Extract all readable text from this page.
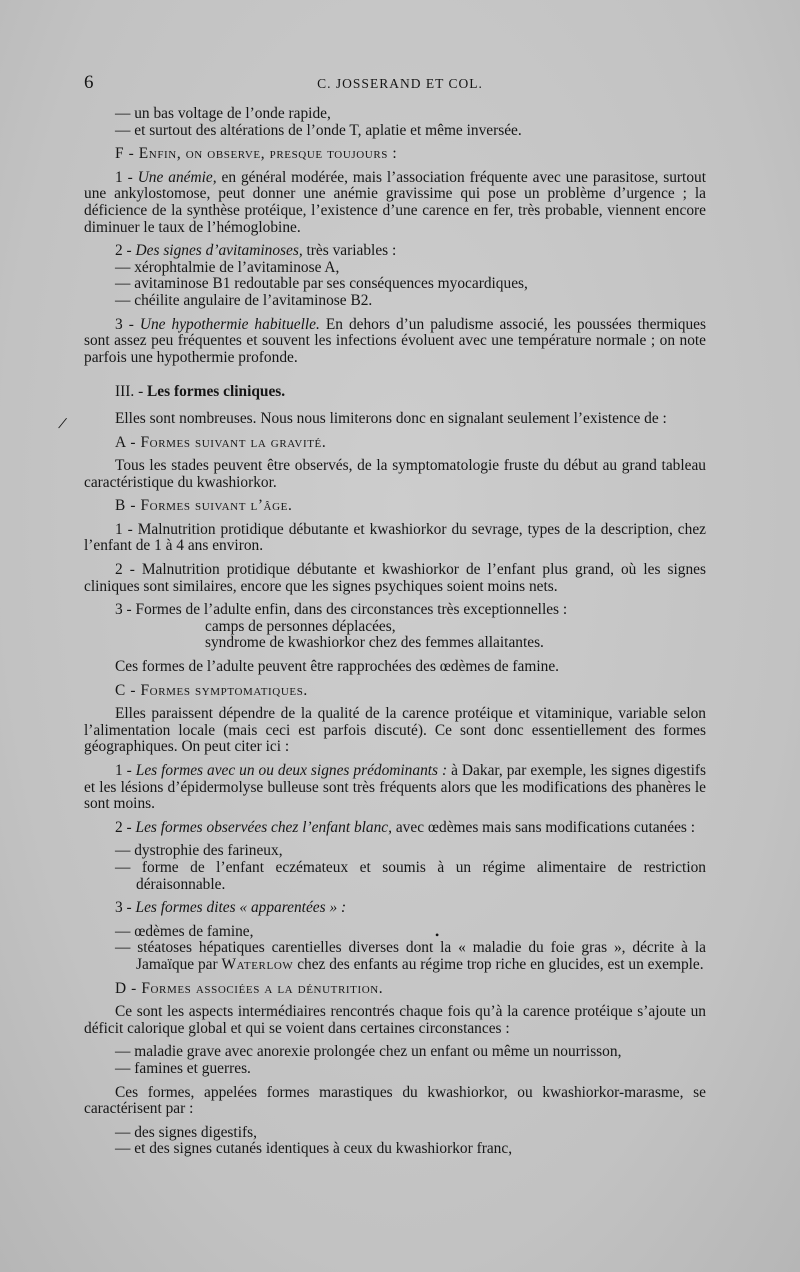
6	C. JOSSERAND ET COL.

— un bas voltage de l’onde rapide,

— et surtout des altérations de l’onde T, aplatie et même inversée.

F - Enfin, on observe, presque toujours :

1 - Une anémie, en général modérée, mais l’association fréquente avec une parasitose, surtout une ankylostomose, peut donner une anémie gravissime qui pose un problème d’urgence ; la déficience de la synthèse protéique, l’existence d’une carence en fer, très probable, viennent encore diminuer le taux de l’hémoglobine.

2 - Des signes d’avitaminoses, très variables :

— xérophtalmie de l’avitaminose A,

— avitaminose B1 redoutable par ses conséquences myocardiques,

— chéilite angulaire de l’avitaminose B2.

3 - Une hypothermie habituelle. En dehors d’un paludisme associé, les poussées thermiques sont assez peu fréquentes et souvent les infections évoluent avec une température normale ; on note parfois une hypothermie profonde.

III. - Les formes cliniques.

Elles sont nombreuses. Nous nous limiterons donc en signalant seulement l’existence de :

A - Formes suivant la gravité.

Tous les stades peuvent être observés, de la symptomatologie fruste du début au grand tableau caractéristique du kwashiorkor.

B - Formes suivant l’âge.

1 - Malnutrition protidique débutante et kwashiorkor du sevrage, types de la description, chez l’enfant de 1 à 4 ans environ.

2 - Malnutrition protidique débutante et kwashiorkor de l’enfant plus grand, où les signes cliniques sont similaires, encore que les signes psychiques soient moins nets.

3 - Formes de l’adulte enfin, dans des circonstances très exceptionnelles :

camps de personnes déplacées,

syndrome de kwashiorkor chez des femmes allaitantes.

Ces formes de l’adulte peuvent être rapprochées des œdèmes de famine.

C - Formes symptomatiques.

Elles paraissent dépendre de la qualité de la carence protéique et vitaminique, variable selon l’alimentation locale (mais ceci est parfois discuté). Ce sont donc essentiellement des formes géographiques. On peut citer ici :

1 - Les formes avec un ou deux signes prédominants : à Dakar, par exemple, les signes digestifs et les lésions d’épidermolyse bulleuse sont très fréquents alors que les modifications des phanères le sont moins.

2 - Les formes observées chez l’enfant blanc, avec œdèmes mais sans modifications cutanées :

— dystrophie des farineux,

— forme de l’enfant eczémateux et soumis à un régime alimentaire de restriction déraisonnable.

3 - Les formes dites « apparentées » :

— œdèmes de famine,

— stéatoses hépatiques carentielles diverses dont la « maladie du foie gras », décrite à la Jamaïque par Waterlow chez des enfants au régime trop riche en glucides, est un exemple.

D - Formes associées a la dénutrition.

Ce sont les aspects intermédiaires rencontrés chaque fois qu’à la carence protéique s’ajoute un déficit calorique global et qui se voient dans certaines circonstances :

— maladie grave avec anorexie prolongée chez un enfant ou même un nourrisson,

— famines et guerres.

Ces formes, appelées formes marastiques du kwashiorkor, ou kwashiorkor-marasme, se caractérisent par :

— des signes digestifs,

— et des signes cutanés identiques à ceux du kwashiorkor franc,

/
•
